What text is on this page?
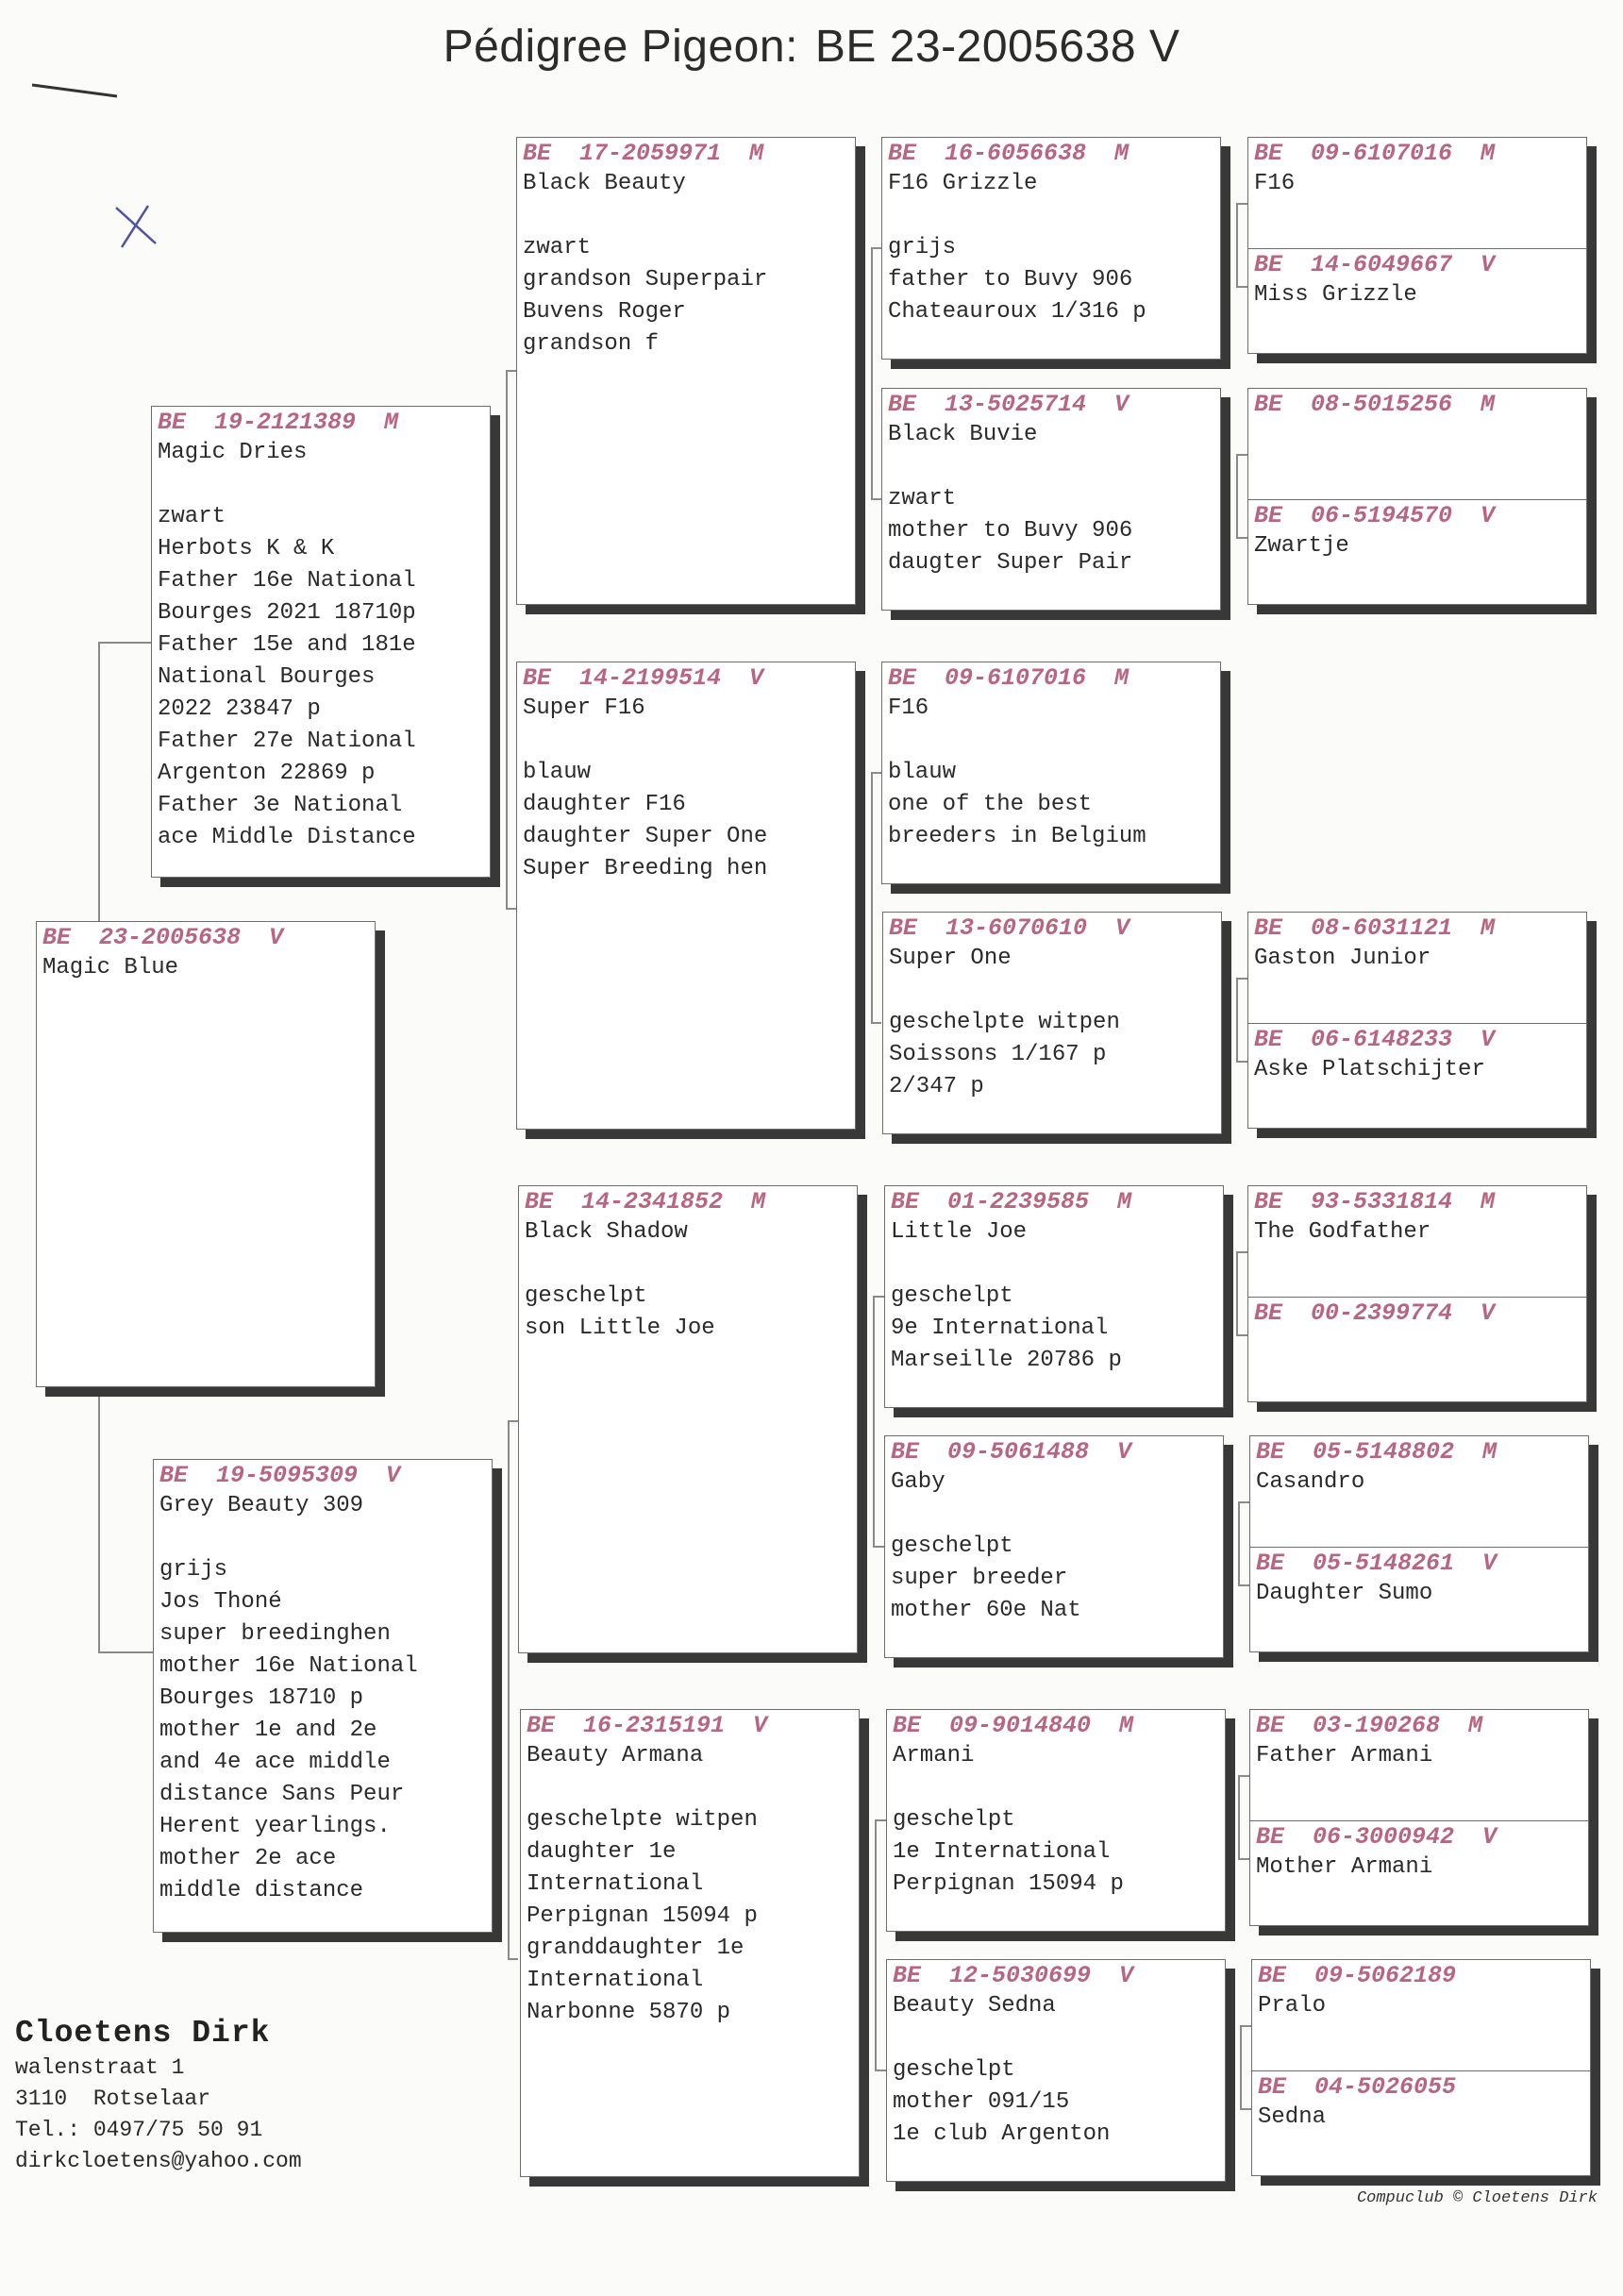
Pédigree Pigeon: BE 23-2005638 V
BE  23-2005638  V
Magic Blue
BE  19-2121389  M
Magic Dries
zwart
Herbots K & K
Father 16e National
Bourges 2021 18710p
Father 15e and 181e
National Bourges
2022 23847 p
Father 27e National
Argenton 22869 p
Father 3e National
ace Middle Distance
BE  19-5095309  V
Grey Beauty 309
grijs
Jos Thoné
super breedinghen
mother 16e National
Bourges 18710 p
mother 1e and 2e
and 4e ace middle
distance Sans Peur
Herent yearlings.
mother 2e ace
middle distance
BE  17-2059971  M
Black Beauty
zwart
grandson Superpair
Buvens Roger
grandson f
BE  14-2199514  V
Super F16
blauw
daughter F16
daughter Super One
Super Breeding hen
BE  14-2341852  M
Black Shadow
geschelpt
son Little Joe
BE  16-2315191  V
Beauty Armana
geschelpte witpen
daughter 1e
International
Perpignan 15094 p
granddaughter 1e
International
Narbonne 5870 p
BE  16-6056638  M
F16 Grizzle
grijs
father to Buvy 906
Chateauroux 1/316 p
BE  13-5025714  V
Black Buvie
zwart
mother to Buvy 906
daugter Super Pair
BE  09-6107016  M
F16
blauw
one of the best
breeders in Belgium
BE  13-6070610  V
Super One
geschelpte witpen
Soissons 1/167 p
2/347 p
BE  01-2239585  M
Little Joe
geschelpt
9e International
Marseille 20786 p
BE  09-5061488  V
Gaby
geschelpt
super breeder
mother 60e Nat
BE  09-9014840  M
Armani
geschelpt
1e International
Perpignan 15094 p
BE  12-5030699  V
Beauty Sedna
geschelpt
mother 091/15
1e club Argenton
BE  09-6107016  M
F16
BE  14-6049667  V
Miss Grizzle
BE  08-5015256  M
BE  06-5194570  V
Zwartje
BE  08-6031121  M
Gaston Junior
BE  06-6148233  V
Aske Platschijter
BE  93-5331814  M
The Godfather
BE  00-2399774  V
BE  05-5148802  M
Casandro
BE  05-5148261  V
Daughter Sumo
BE  03-190268  M
Father Armani
BE  06-3000942  V
Mother Armani
BE  09-5062189
Pralo
BE  04-5026055
Sedna
Cloetens Dirk
walenstraat 1
3110  Rotselaar
Tel.: 0497/75 50 91
dirkcloetens@yahoo.com
Compuclub © Cloetens Dirk
